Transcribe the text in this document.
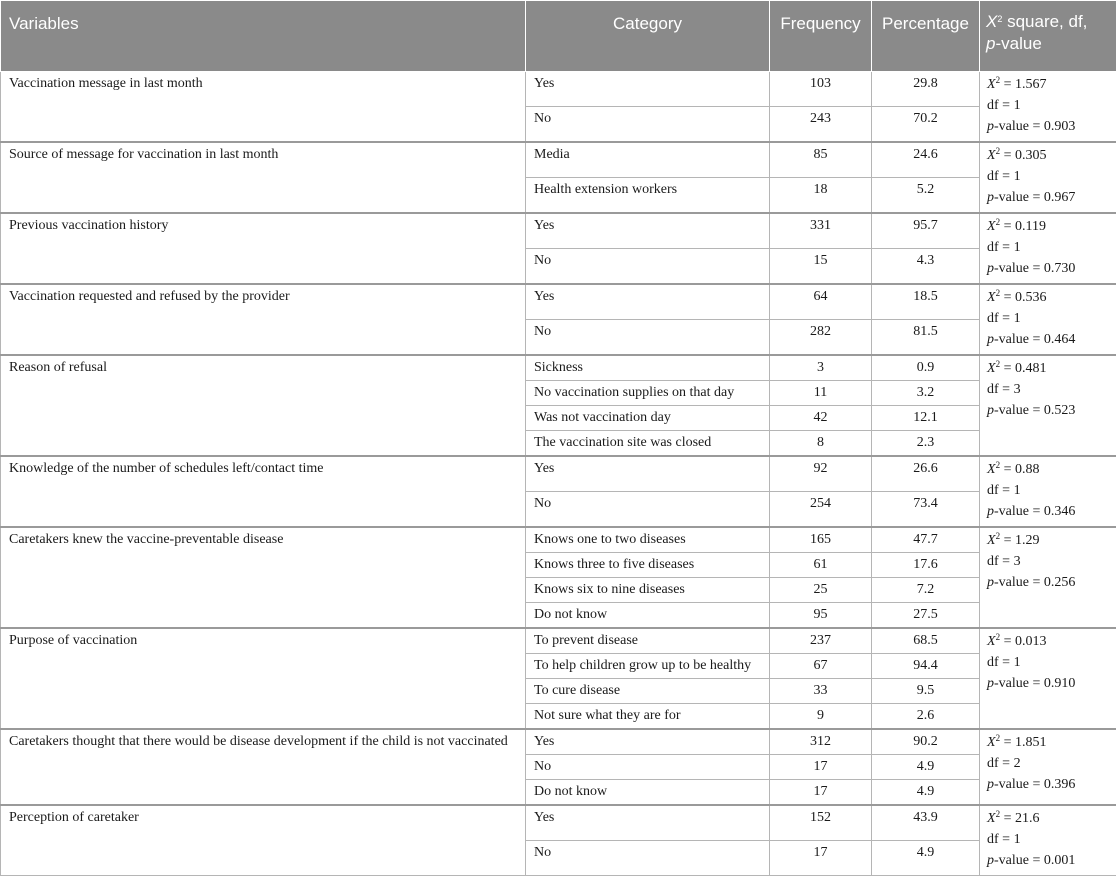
Variables	Category	Frequency	Percentage	$X^2$ square, df,
p-value
Vaccination message in last month	Yes	103	29.8	$X^2 = 1.567$
df = 1
p-value = 0.903

	No	243	70.2	
Source of message for vaccination in last month	Media	85	24.6	$X^2 = 0.305$
df = 1
p-value = 0.967

	Health extension workers	18	5.2	
Previous vaccination history	Yes	331	95.7	$X^2 = 0.119$
df = 1
p-value = 0.730

	No	15	4.3	
Vaccination requested and refused by the provider	Yes	64	18.5	$X^2 = 0.536$
df = 1
p-value = 0.464

	No	282	81.5	
Reason of refusal	Sickness	3	0.9	$X^2 = 0.481$
df = 3
p-value = 0.523

	No vaccination supplies on that day	11	3.2	
	Was not vaccination day	42	12.1	
	The vaccination site was closed	8	2.3	
Knowledge of the number of schedules left/contact time	Yes	92	26.6	$X^2 = 0.88$
df = 1
p-value = 0.346

	No	254	73.4	
Caretakers knew the vaccine-preventable disease	Knows one to two diseases	165	47.7	$X^2 = 1.29$
df = 3
p-value = 0.256

	Knows three to five diseases	61	17.6	
	Knows six to nine diseases	25	7.2	
	Do not know	95	27.5	
Purpose of vaccination	To prevent disease	237	68.5	$X^2 = 0.013$
df = 1
p-value = 0.910

	To help children grow up to be healthy	67	94.4	
	To cure disease	33	9.5	
	Not sure what they are for	9	2.6	
Caretakers thought that there would be disease development if the child is not vaccinated	Yes	312	90.2	$X^2 = 1.851$
df = 2
p-value = 0.396

	No	17	4.9	
	Do not know	17	4.9	
Perception of caretaker	Yes	152	43.9	$X^2 = 21.6$
df = 1
p-value = 0.001

	No	17	4.9	
